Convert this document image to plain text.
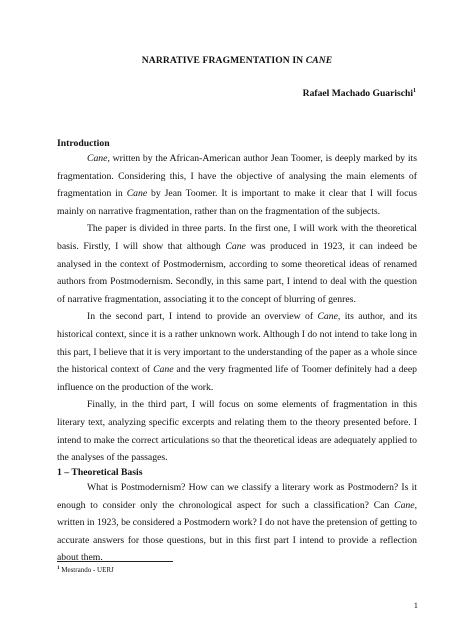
NARRATIVE FRAGMENTATION IN CANE
Rafael Machado Guarischi$^1$
Introduction

Cane, written by the African-American author Jean Toomer, is deeply marked by its fragmentation. Considering this, I have the objective of analysing the main elements of fragmentation in Cane by Jean Toomer. It is important to make it clear that I will focus mainly on narrative fragmentation, rather than on the fragmentation of the subjects.

The paper is divided in three parts. In the first one, I will work with the theoretical basis. Firstly, I will show that although Cane was produced in 1923, it can indeed be analysed in the context of Postmodernism, according to some theoretical ideas of renamed authors from Postmodernism. Secondly, in this same part, I intend to deal with the question of narrative fragmentation, associating it to the concept of blurring of genres.

In the second part, I intend to provide an overview of Cane, its author, and its historical context, since it is a rather unknown work. Although I do not intend to take long in this part, I believe that it is very important to the understanding of the paper as a whole since the historical context of Cane and the very fragmented life of Toomer definitely had a deep influence on the production of the work.

Finally, in the third part, I will focus on some elements of fragmentation in this literary text, analyzing specific excerpts and relating them to the theory presented before. I intend to make the correct articulations so that the theoretical ideas are adequately applied to the analyses of the passages.

1 – Theoretical Basis

What is Postmodernism? How can we classify a literary work as Postmodern? Is it enough to consider only the chronological aspect for such a classification? Can Cane, written in 1923, be considered a Postmodern work? I do not have the pretension of getting to accurate answers for those questions, but in this first part I intend to provide a reflection about them.

$^1$ Mestrando - UERJ
1
